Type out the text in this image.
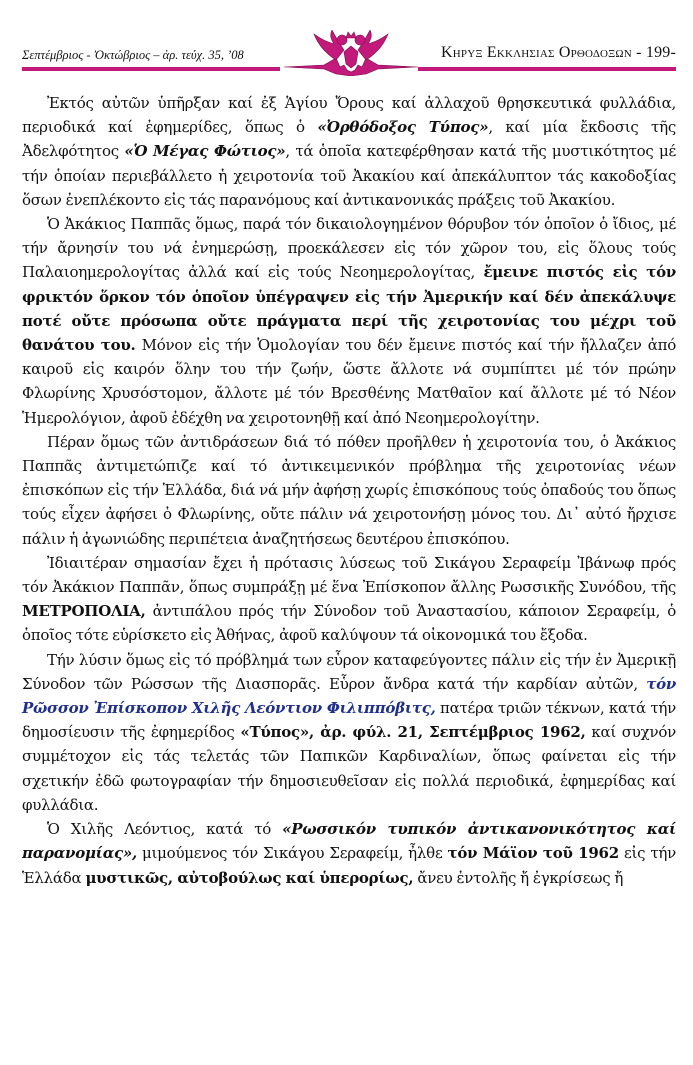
Σεπτέμβριος - Ὀκτώβριος – ἀρ. τεύχ. 35, ’08	Κηρυξ Εκκλησιας Ορθοδοξων - 199-

Ἐκτός αὐτῶν ὑπῆρξαν καί ἐξ Ἁγίου Ὄρους καί ἀλλαχοῦ θρησκευτικά φυλλάδια, περιοδικά καί ἐφημερίδες, ὅπως ὁ «Ὀρθόδοξος Τύπος», καί μία ἔκδοσις τῆς Ἀδελφότητος «Ὁ Μέγας Φώτιος», τά ὁποῖα κατεφέρθησαν κατά τῆς μυστικότητος μέ τήν ὁποίαν περιεβάλλετο ἡ χειροτονία τοῦ Ἀκακίου καί ἀπεκάλυπτον τάς κακοδοξίας ὅσων ἐνεπλέκοντο εἰς τάς παρανόμους καί ἀντικανονικάς πράξεις τοῦ Ἀκακίου.

Ὁ Ἀκάκιος Παππᾶς ὅμως, παρά τόν δικαιολογημένον θόρυβον τόν ὁποῖον ὁ ἴδιος, μέ τήν ἄρνησίν του νά ἐνημερώσῃ, προεκάλεσεν εἰς τόν χῶρον του, εἰς ὅλους τούς Παλαιοημερολογίτας ἀλλά καί εἰς τούς Νεοημερολογίτας, ἔμεινε πιστός εἰς τόν φρικτόν ὅρκον τόν ὁποῖον ὑπέγραψεν εἰς τήν Ἀμερικήν καί δέν ἀπεκάλυψε ποτέ οὔτε πρόσωπα οὔτε πράγματα περί τῆς χειροτονίας του μέχρι τοῦ θανάτου του. Μόνον εἰς τήν Ὁμολογίαν του δέν ἔμεινε πιστός καί τήν ἤλλαζεν ἀπό καιροῦ εἰς καιρόν ὅλην του τήν ζωήν, ὥστε ἄλλοτε νά συμπίπτει μέ τόν πρώην Φλωρίνης Χρυσόστομον, ἄλλοτε μέ τόν Βρεσθένης Ματθαῖον καί ἄλλοτε μέ τό Νέον Ἡμερολόγιον, ἀφοῦ ἐδέχθη να χειροτονηθῇ καί ἀπό Νεοημερολογίτην.

Πέραν ὅμως τῶν ἀντιδράσεων διά τό πόθεν προῆλθεν ἡ χειροτονία του, ὁ Ἀκάκιος Παππᾶς ἀντιμετώπιζε καί τό ἀντικειμενικόν πρόβλημα τῆς χειροτονίας νέων ἐπισκόπων εἰς τήν Ἑλλάδα, διά νά μήν ἀφήσῃ χωρίς ἐπισκόπους τούς ὀπαδούς του ὅπως τούς εἶχεν ἀφήσει ὁ Φλωρίνης, οὔτε πάλιν νά χειροτονήσῃ μόνος του. Δι᾽ αὐτό ἤρχισε πάλιν ἡ ἀγωνιώδης περιπέτεια ἀναζητήσεως δευτέρου ἐπισκόπου.

Ἰδιαιτέραν σημασίαν ἔχει ἡ πρότασις λύσεως τοῦ Σικάγου Σεραφείμ Ἰβάνωφ πρός τόν Ἀκάκιον Παππᾶν, ὅπως συμπράξῃ μέ ἕνα Ἐπίσκοπον ἄλλης Ρωσσικῆς Συνόδου, τῆς ΜΕΤΡΟΠΟΛΙΑ, ἀντιπάλου πρός τήν Σύνοδον τοῦ Ἀναστασίου, κάποιον Σεραφείμ, ὁ ὁποῖος τότε εὑρίσκετο εἰς Ἀθήνας, ἀφοῦ καλύψουν τά οἰκονομικά του ἔξοδα.

Τήν λύσιν ὅμως εἰς τό πρόβλημά των εὗρον καταφεύγοντες πάλιν εἰς τήν ἐν Ἀμερικῇ Σύνοδον τῶν Ρώσσων τῆς Διασπορᾶς. Εὗρον ἄνδρα κατά τήν καρδίαν αὐτῶν, τόν Ρῶσσον Ἐπίσκοπον Χιλῆς Λεόντιον Φιλιππόβιτς, πατέρα τριῶν τέκνων, κατά τήν δημοσίευσιν τῆς ἐφημερίδος «Τύπος», ἀρ. φύλ. 21, Σεπτέμβριος 1962, καί συχνόν συμμέτοχον εἰς τάς τελετάς τῶν Παπικῶν Καρδιναλίων, ὅπως φαίνεται εἰς τήν σχετικήν ἐδῶ φωτογραφίαν τήν δημοσιευθεῖσαν εἰς πολλά περιοδικά, ἐφημερίδας καί φυλλάδια.

Ὁ Χιλῆς Λεόντιος, κατά τό «Ρωσσικόν τυπικόν ἀντικανονικότητος καί παρανομίας», μιμούμενος τόν Σικάγου Σεραφείμ, ἦλθε τόν Μάϊον τοῦ 1962 εἰς τήν Ἑλλάδα μυστικῶς, αὐτοβούλως καί ὑπερορίως, ἄνευ ἐντολῆς ἤ ἐγκρίσεως ἤ
